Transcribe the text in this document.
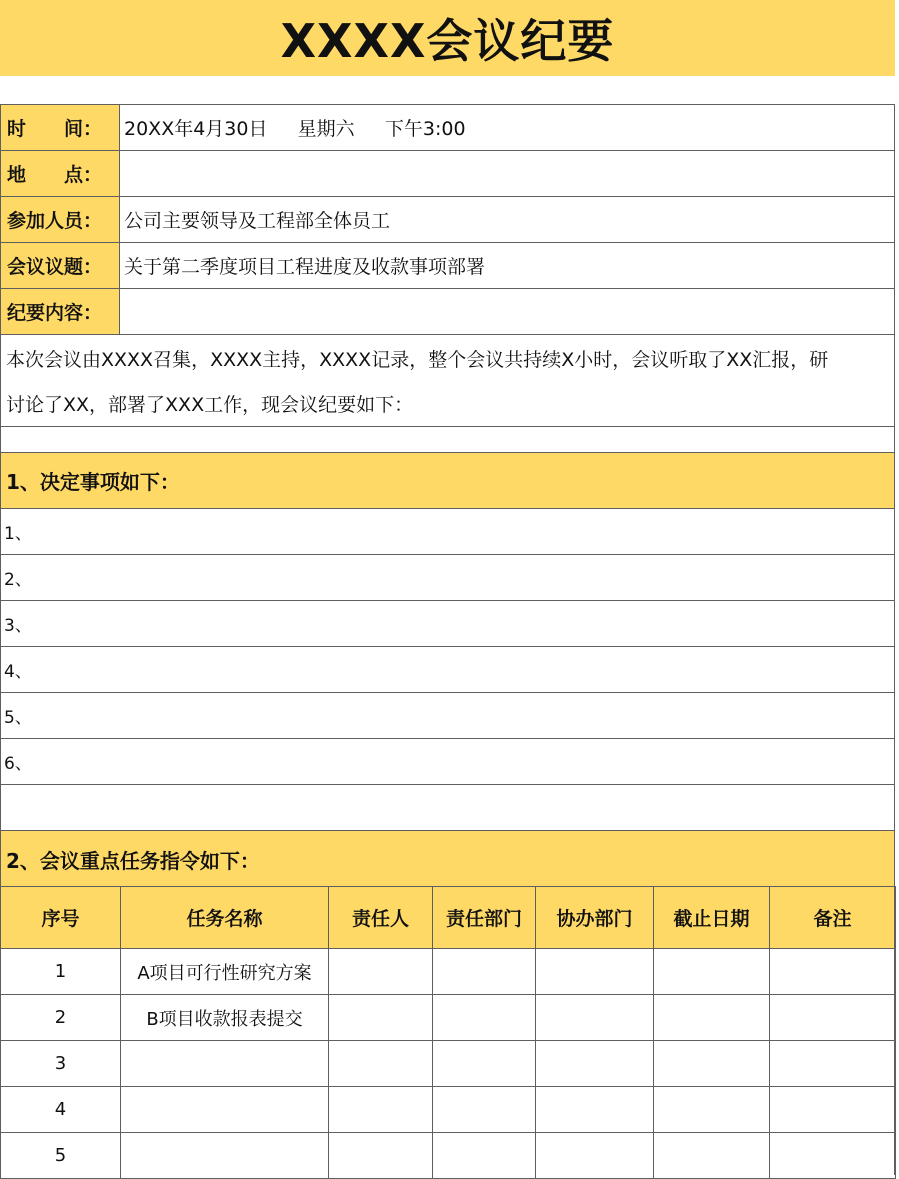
XXXX会议纪要
时　　间：	20XX年4月30日     星期六     下午3:00
地　　点：
参加人员：	公司主要领导及工程部全体员工
会议议题：	关于第二季度项目工程进度及收款事项部署
纪要内容：
本次会议由XXXX召集，XXXX主持，XXXX记录，整个会议共持续X小时，会议听取了XX汇报，研
讨论了XX，部署了XXX工作，现会议纪要如下：
1、决定事项如下：
1、
2、
3、
4、
5、
6、
2、会议重点任务指令如下：
序号	任务名称	责任人	责任部门	协办部门	截止日期	备注
1	A项目可行性研究方案					
2	B项目收款报表提交					
3						
4						
5						
